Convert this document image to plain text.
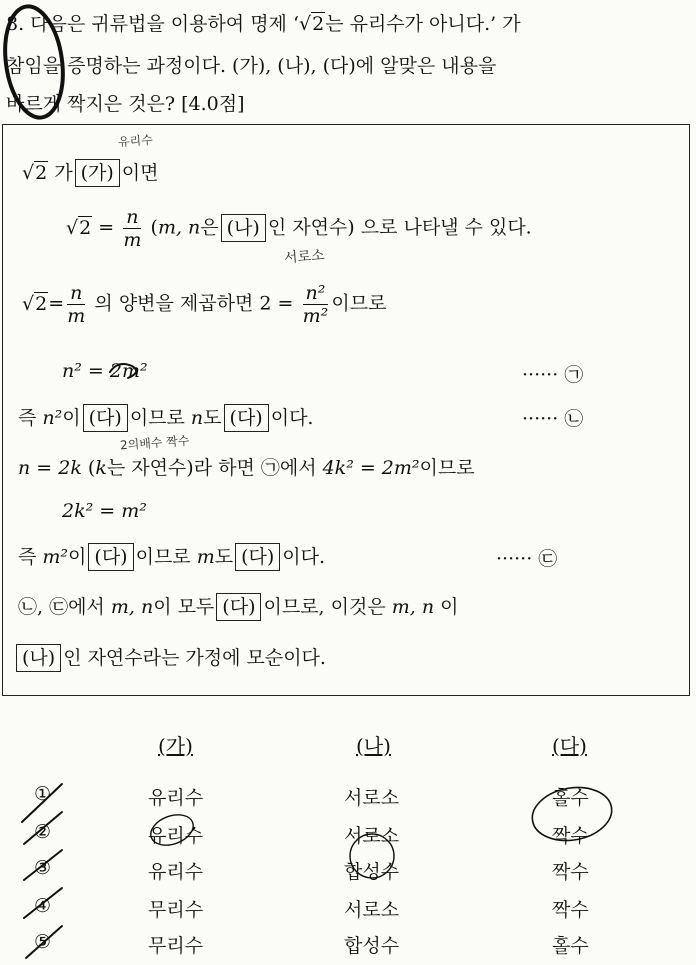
8. 다음은 귀류법을 이용하여 명제 ‘√2는 유리수가 아니다.’ 가
참임을 증명하는 과정이다. (가), (나), (다)에 알맞은 내용을
바르게 짝지은 것은? [4.0점]
√2 가 (가) 이면
$√2 = \frac{n}{m} (m$, n은 (나) 인 자연수) 으로 나타낼 수 있다.
$√2= \frac{n}{m}$ 의 양변을 제곱하면 $2 = \frac{\text{n²}}{\text{m²}}$ 이므로
n² = 2m²	······ ㉠
즉 n²이 (다) 이므로 n도 (다) 이다.	······ ㉡
n = 2k (k는 자연수)라 하면 ㉠에서 4k² = 2m²이므로
2k² = m²
즉 m²이 (다) 이므로 m도 (다) 이다.	······ ㉢
㉡, ㉢에서 m, n이 모두 (다) 이므로, 이것은 m, n 이
(나) 인 자연수라는 가정에 모순이다.
유리수
서로소
2의배수 짝수
(가)	(나)	(다)
①	유리수	서로소	홀수
②	유리수	서로소	짝수
③	유리수	합성수	짝수
④	무리수	서로소	짝수
⑤	무리수	합성수	홀수
